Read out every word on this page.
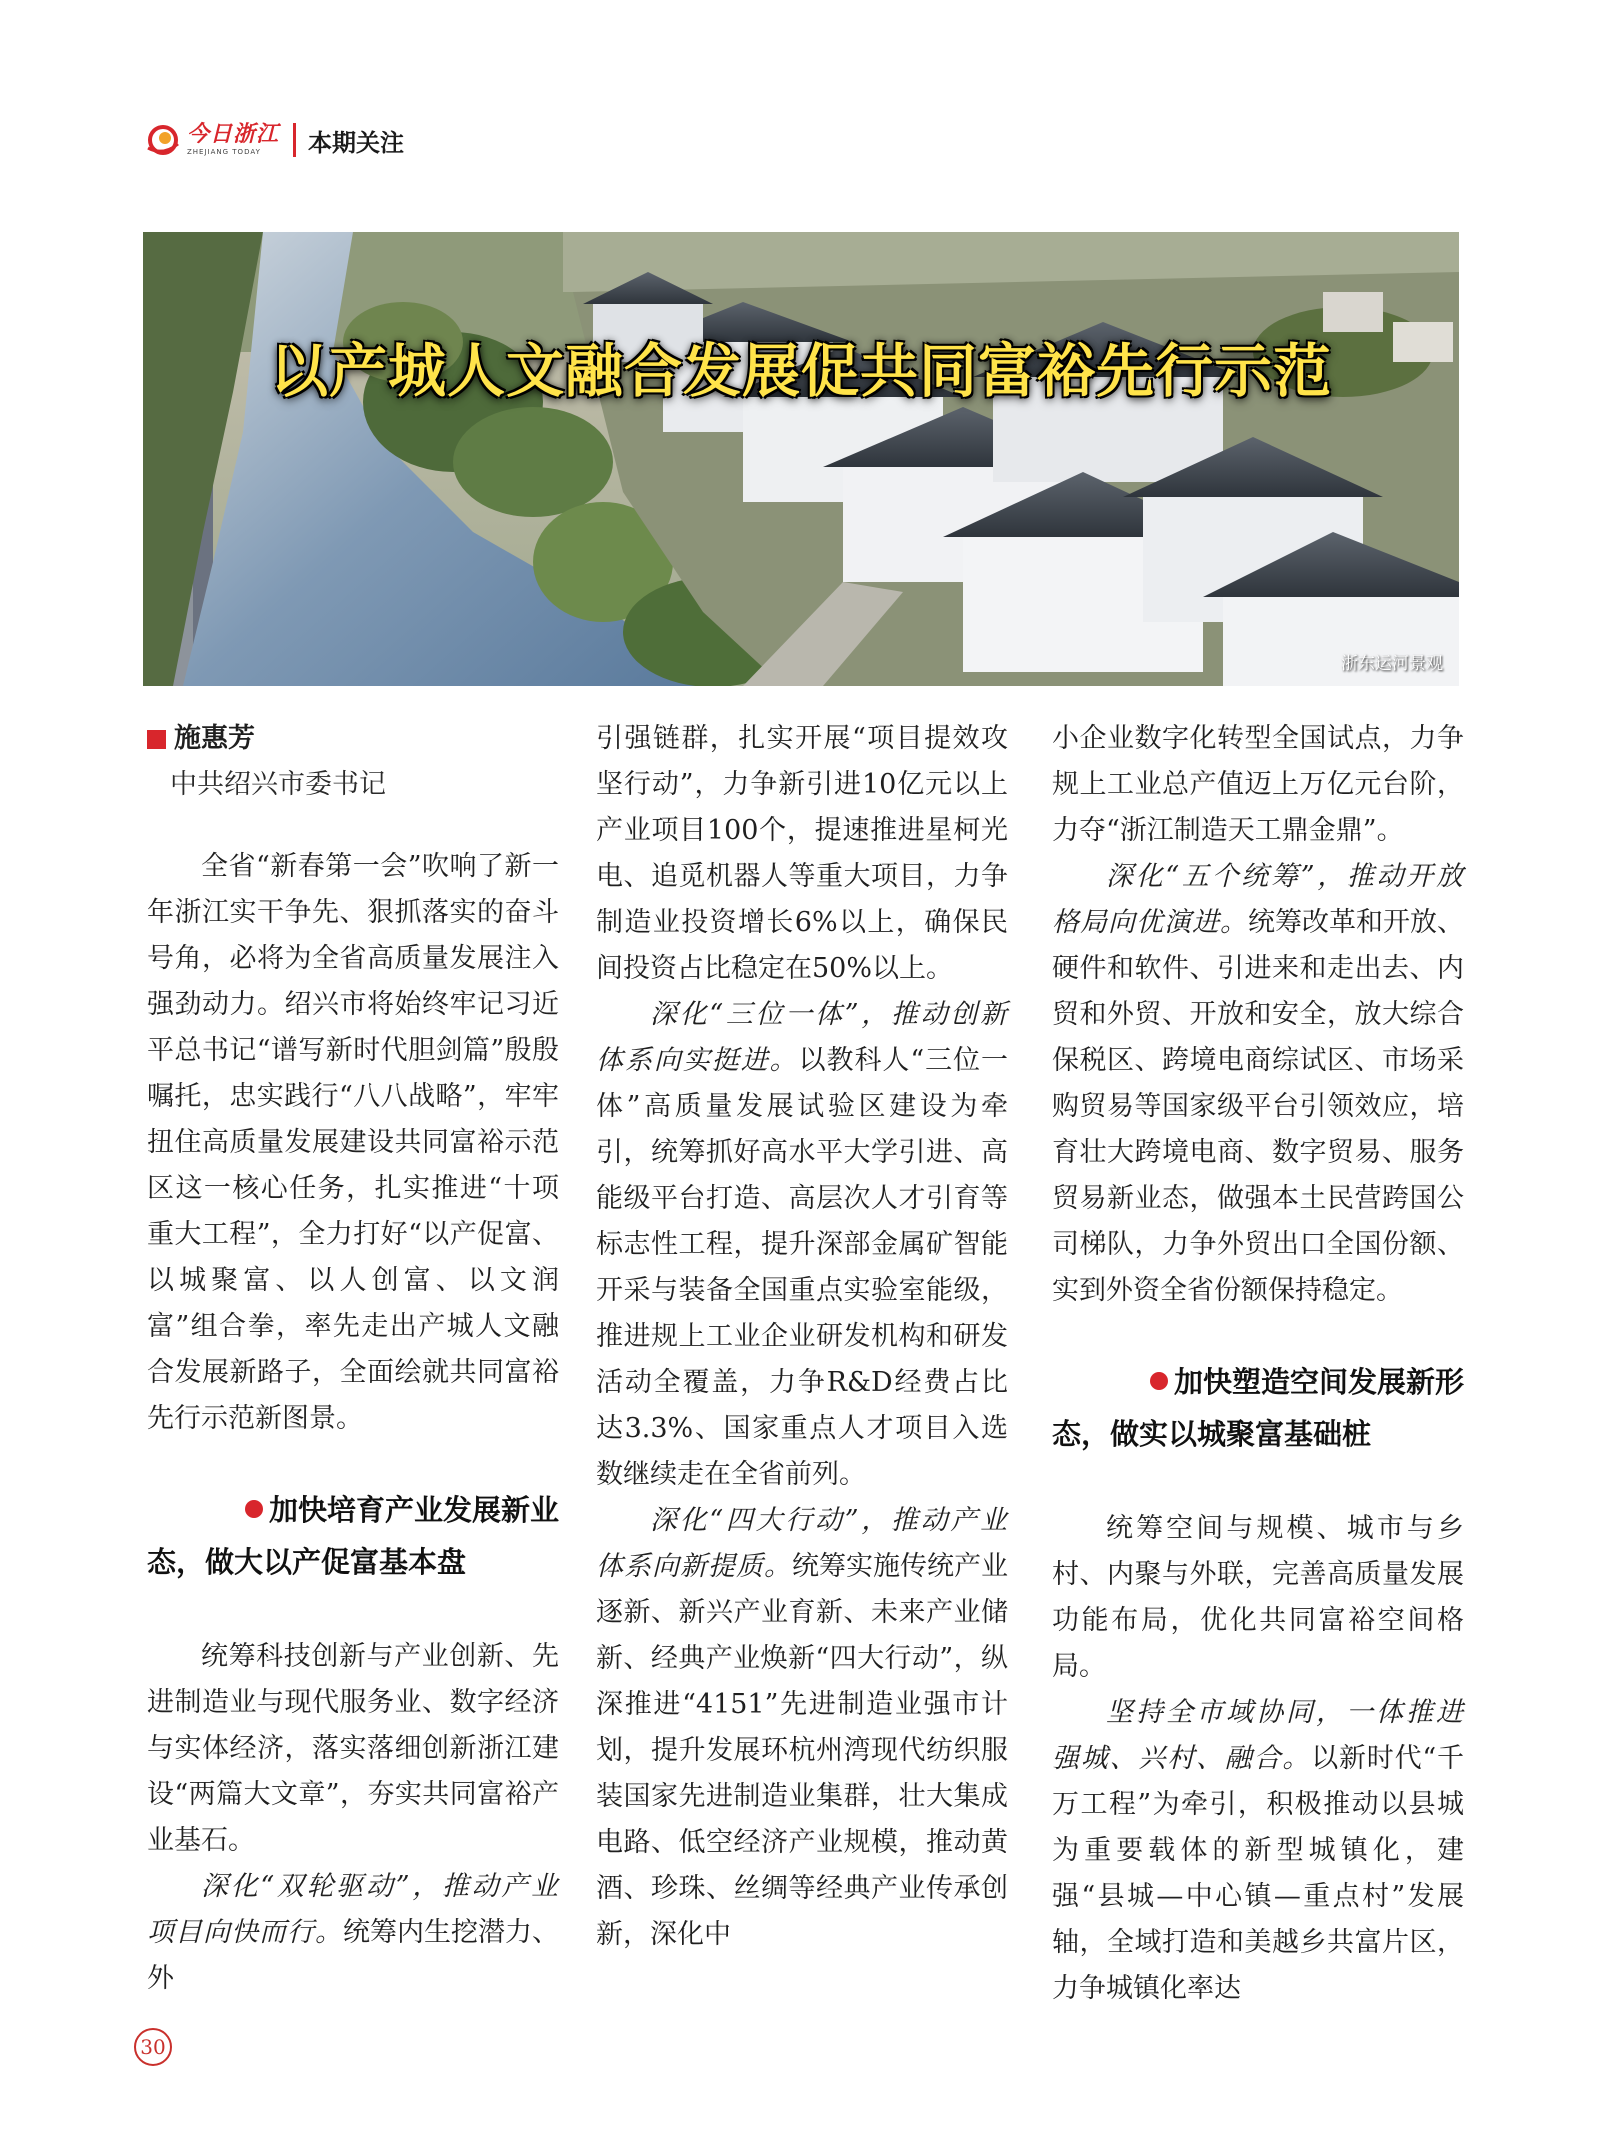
今日浙江
ZHEJIANG TODAY	本期关注
以产城人文融合发展促共同富裕先行示范
浙东运河景观
施惠芳
中共绍兴市委书记

全省“新春第一会”吹响了新一年浙江实干争先、狠抓落实的奋斗号角，必将为全省高质量发展注入强劲动力。绍兴市将始终牢记习近平总书记“谱写新时代胆剑篇”殷殷嘱托，忠实践行“八八战略”，牢牢扭住高质量发展建设共同富裕示范区这一核心任务，扎实推进“十项重大工程”，全力打好“以产促富、以城聚富、以人创富、以文润富”组合拳，率先走出产城人文融合发展新路子，全面绘就共同富裕先行示范新图景。

加快培育产业发展新业
态，做大以产促富基本盘

统筹科技创新与产业创新、先进制造业与现代服务业、数字经济与实体经济，落实落细创新浙江建设“两篇大文章”，夯实共同富裕产业基石。

深化“双轮驱动”，推动产业项目向快而行。统筹内生挖潜力、外

引强链群，扎实开展“项目提效攻坚行动”，力争新引进10亿元以上产业项目100个，提速推进星柯光电、追觅机器人等重大项目，力争制造业投资增长6%以上，确保民间投资占比稳定在50%以上。

深化“三位一体”，推动创新体系向实挺进。以教科人“三位一体”高质量发展试验区建设为牵引，统筹抓好高水平大学引进、高能级平台打造、高层次人才引育等标志性工程，提升深部金属矿智能开采与装备全国重点实验室能级，推进规上工业企业研发机构和研发活动全覆盖，力争R&D经费占比达3.3%、国家重点人才项目入选数继续走在全省前列。

深化“四大行动”，推动产业体系向新提质。统筹实施传统产业逐新、新兴产业育新、未来产业储新、经典产业焕新“四大行动”，纵深推进“4151”先进制造业强市计划，提升发展环杭州湾现代纺织服装国家先进制造业集群，壮大集成电路、低空经济产业规模，推动黄酒、珍珠、丝绸等经典产业传承创新，深化中

小企业数字化转型全国试点，力争规上工业总产值迈上万亿元台阶，力夺“浙江制造天工鼎金鼎”。

深化“五个统筹”，推动开放格局向优演进。统筹改革和开放、硬件和软件、引进来和走出去、内贸和外贸、开放和安全，放大综合保税区、跨境电商综试区、市场采购贸易等国家级平台引领效应，培育壮大跨境电商、数字贸易、服务贸易新业态，做强本土民营跨国公司梯队，力争外贸出口全国份额、实到外资全省份额保持稳定。

加快塑造空间发展新形
态，做实以城聚富基础桩

统筹空间与规模、城市与乡村、内聚与外联，完善高质量发展功能布局，优化共同富裕空间格局。

坚持全市域协同，一体推进强城、兴村、融合。以新时代“千万工程”为牵引，积极推动以县城为重要载体的新型城镇化，建强“县城—中心镇—重点村”发展轴，全域打造和美越乡共富片区，力争城镇化率达

30
